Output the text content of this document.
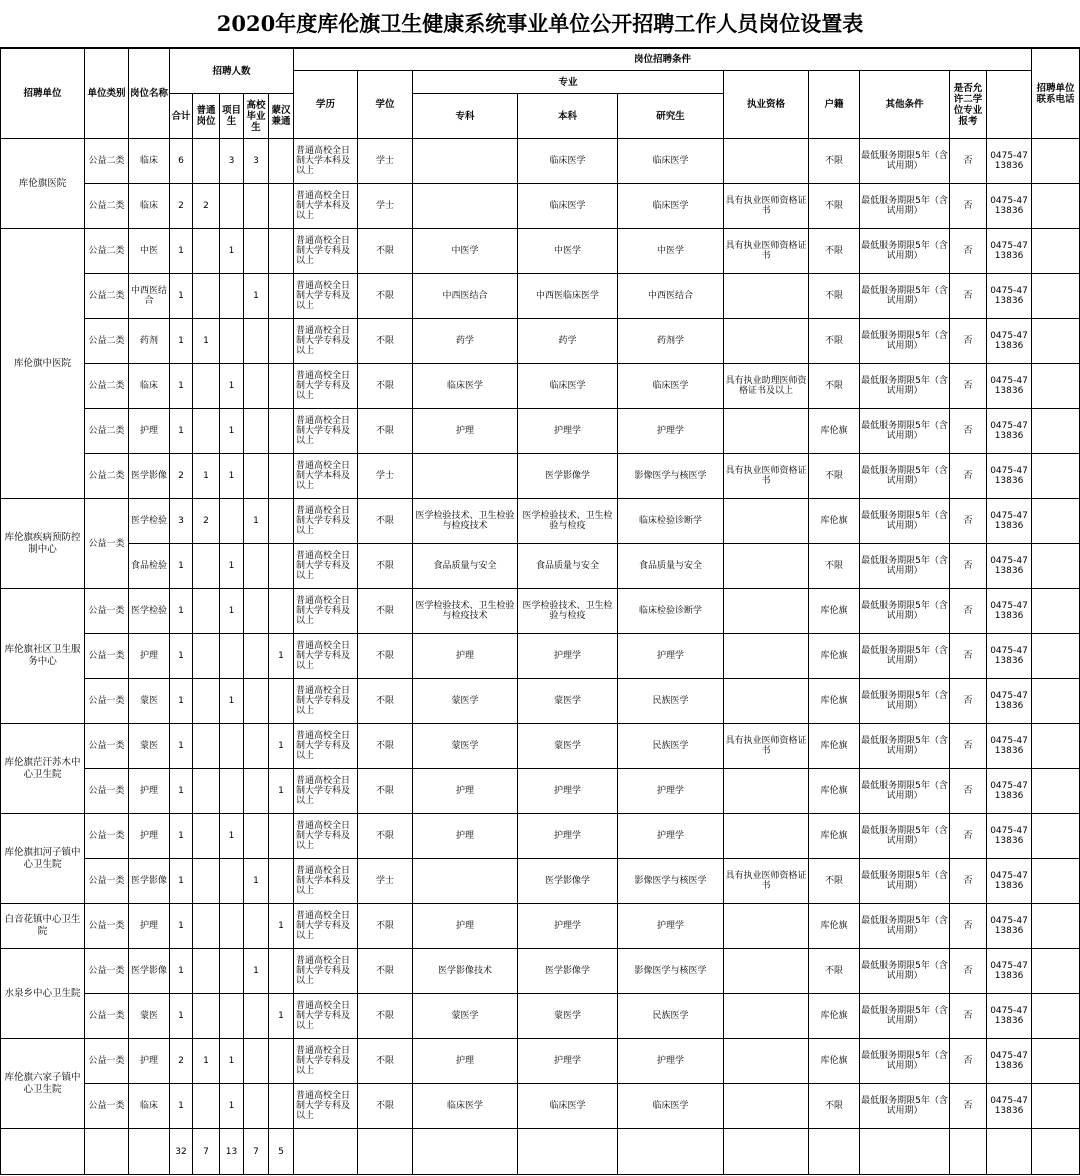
2020年度库伦旗卫生健康系统事业单位公开招聘工作人员岗位设置表
招聘单位	单位类别	岗位名称	招聘人数					岗位招聘条件										招聘单位联系电话	
								学历	学位	专业			执业资格	户籍	其他条件	是否允许二学位专业报考			
			合计	普通岗位	项目生	高校毕业生	蒙汉兼通			专科	本科	研究生							
库伦旗医院	公益二类	临床	6		3	3		普通高校全日制大学本科及以上	学士		临床医学	临床医学		不限	最低服务期限5年（含试用期）	否	0475-4713836		
	公益二类	临床	2	2				普通高校全日制大学本科及以上	学士		临床医学	临床医学	具有执业医师资格证书	不限	最低服务期限5年（含试用期）	否	0475-4713836		
库伦旗中医院	公益二类	中医	1		1			普通高校全日制大学专科及以上	不限	中医学	中医学	中医学	具有执业医师资格证书	不限	最低服务期限5年（含试用期）	否	0475-4713836		
	公益二类	中西医结合	1			1		普通高校全日制大学专科及以上	不限	中西医结合	中西医临床医学	中西医结合		不限	最低服务期限5年（含试用期）	否	0475-4713836		
	公益二类	药剂	1	1				普通高校全日制大学专科及以上	不限	药学	药学	药剂学		不限	最低服务期限5年（含试用期）	否	0475-4713836		
	公益二类	临床	1		1			普通高校全日制大学专科及以上	不限	临床医学	临床医学	临床医学	具有执业助理医师资格证书及以上	不限	最低服务期限5年（含试用期）	否	0475-4713836		
	公益二类	护理	1		1			普通高校全日制大学专科及以上	不限	护理	护理学	护理学		库伦旗	最低服务期限5年（含试用期）	否	0475-4713836		
	公益二类	医学影像	2	1	1			普通高校全日制大学本科及以上	学士		医学影像学	影像医学与核医学	具有执业医师资格证书	不限	最低服务期限5年（含试用期）	否	0475-4713836		
库伦旗疾病预防控制中心	公益一类	医学检验	3	2		1		普通高校全日制大学专科及以上	不限	医学检验技术、卫生检验与检疫技术	医学检验技术、卫生检验与检疫	临床检验诊断学		库伦旗	最低服务期限5年（含试用期）	否	0475-4713836		
		食品检验	1		1			普通高校全日制大学专科及以上	不限	食品质量与安全	食品质量与安全	食品质量与安全		不限	最低服务期限5年（含试用期）	否	0475-4713836		
库伦旗社区卫生服务中心	公益一类	医学检验	1		1			普通高校全日制大学专科及以上	不限	医学检验技术、卫生检验与检疫技术	医学检验技术、卫生检验与检疫	临床检验诊断学		库伦旗	最低服务期限5年（含试用期）	否	0475-4713836		
	公益一类	护理	1				1	普通高校全日制大学专科及以上	不限	护理	护理学	护理学		库伦旗	最低服务期限5年（含试用期）	否	0475-4713836		
	公益一类	蒙医	1		1			普通高校全日制大学专科及以上	不限	蒙医学	蒙医学	民族医学		库伦旗	最低服务期限5年（含试用期）	否	0475-4713836		
库伦旗茫汗苏木中心卫生院	公益一类	蒙医	1				1	普通高校全日制大学专科及以上	不限	蒙医学	蒙医学	民族医学	具有执业医师资格证书	库伦旗	最低服务期限5年（含试用期）	否	0475-4713836		
	公益一类	护理	1				1	普通高校全日制大学专科及以上	不限	护理	护理学	护理学		库伦旗	最低服务期限5年（含试用期）	否	0475-4713836		
库伦旗扣河子镇中心卫生院	公益一类	护理	1		1			普通高校全日制大学专科及以上	不限	护理	护理学	护理学		库伦旗	最低服务期限5年（含试用期）	否	0475-4713836		
	公益一类	医学影像	1			1		普通高校全日制大学本科及以上	学士		医学影像学	影像医学与核医学	具有执业医师资格证书	不限	最低服务期限5年（含试用期）	否	0475-4713836		
白音花镇中心卫生院	公益一类	护理	1				1	普通高校全日制大学专科及以上	不限	护理	护理学	护理学		库伦旗	最低服务期限5年（含试用期）	否	0475-4713836		
水泉乡中心卫生院	公益一类	医学影像	1			1		普通高校全日制大学专科及以上	不限	医学影像技术	医学影像学	影像医学与核医学		不限	最低服务期限5年（含试用期）	否	0475-4713836		
	公益一类	蒙医	1				1	普通高校全日制大学专科及以上	不限	蒙医学	蒙医学	民族医学		库伦旗	最低服务期限5年（含试用期）	否	0475-4713836		
库伦旗六家子镇中心卫生院	公益一类	护理	2	1	1			普通高校全日制大学专科及以上	不限	护理	护理学	护理学		库伦旗	最低服务期限5年（含试用期）	否	0475-4713836		
	公益一类	临床	1		1			普通高校全日制大学专科及以上	不限	临床医学	临床医学	临床医学		不限	最低服务期限5年（含试用期）	否	0475-4713836		
			32	7	13	7	5												
